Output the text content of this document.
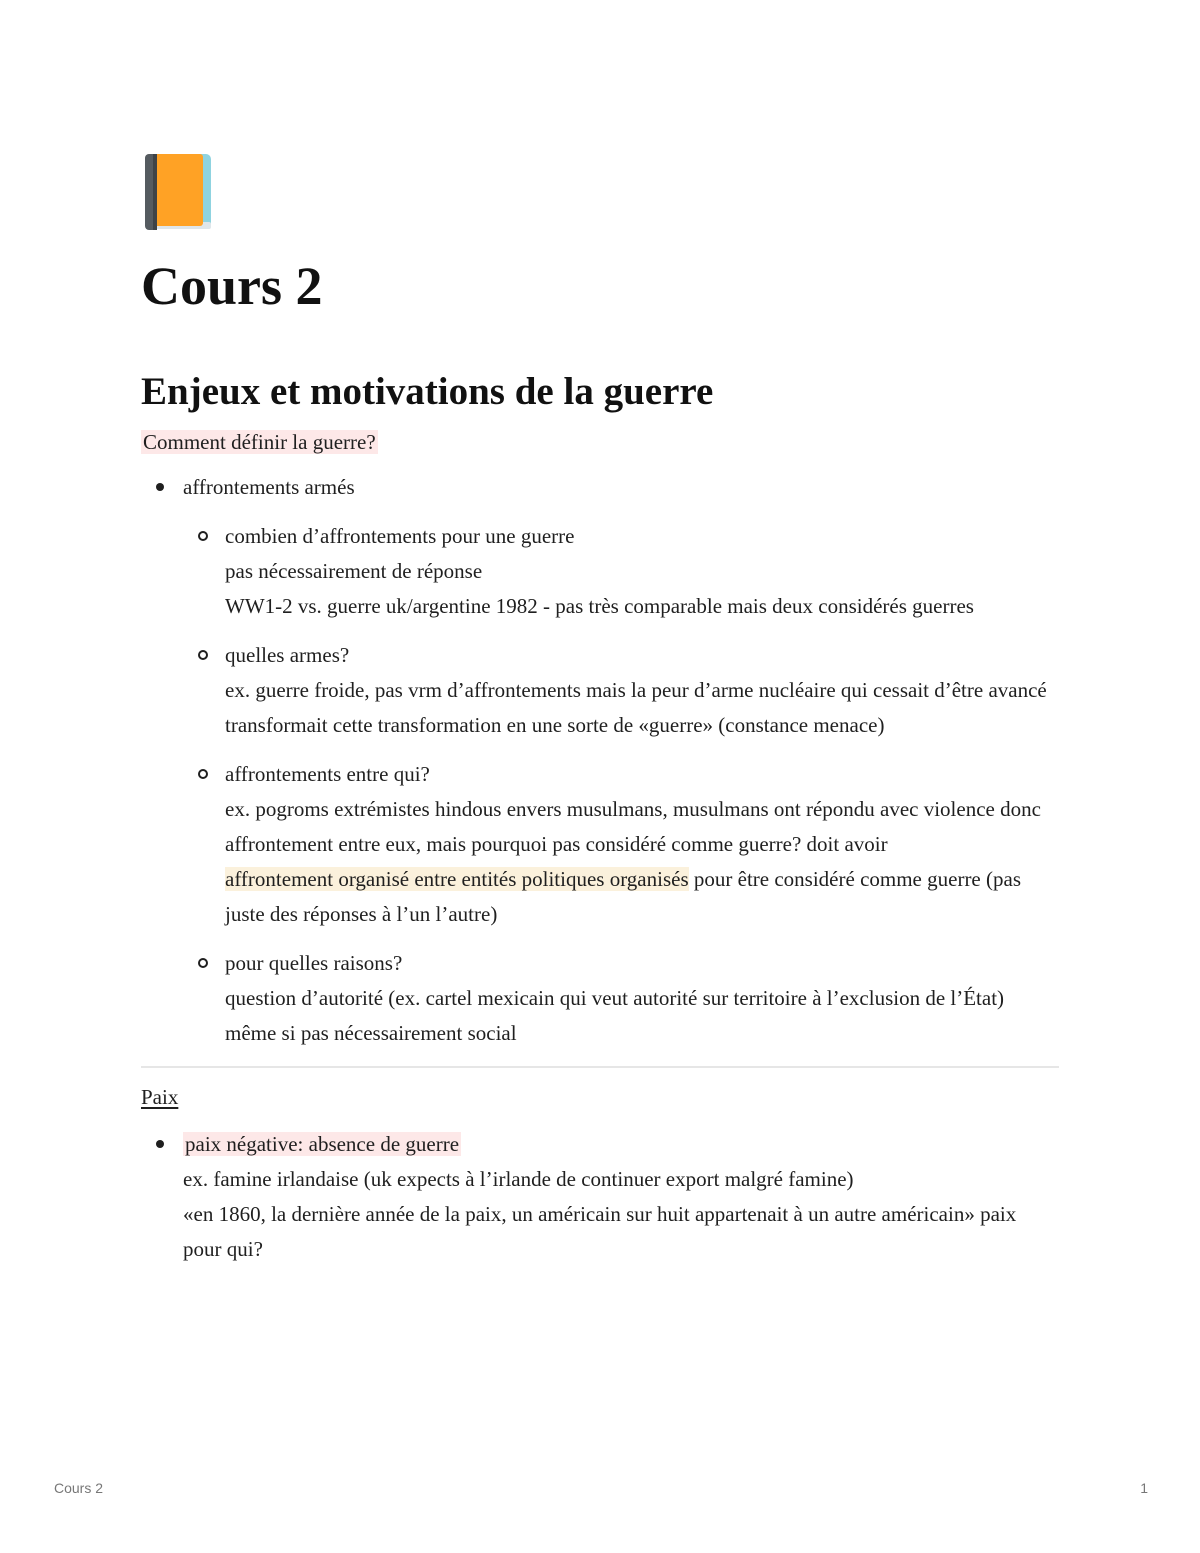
Cours 2
Enjeux et motivations de la guerre
Comment définir la guerre?
affrontements armés
combien d’affrontements pour une guerre
pas nécessairement de réponse
WW1-2 vs. guerre uk/argentine 1982 - pas très comparable mais deux considérés guerres
quelles armes?
ex. guerre froide, pas vrm d’affrontements mais la peur d’arme nucléaire qui cessait d’être avancé transformait cette transformation en une sorte de «guerre» (constance menace)
affrontements entre qui?
ex. pogroms extrémistes hindous envers musulmans, musulmans ont répondu avec violence donc affrontement entre eux, mais pourquoi pas considéré comme guerre? doit avoir
affrontement organisé entre entités politiques organisés pour être considéré comme guerre (pas juste des réponses à l’un l’autre)
pour quelles raisons?
question d’autorité (ex. cartel mexicain qui veut autorité sur territoire à l’exclusion de l’État) même si pas nécessairement social
Paix
paix négative: absence de guerre
ex. famine irlandaise (uk expects à l’irlande de continuer export malgré famine)
«en 1860, la dernière année de la paix, un américain sur huit appartenait à un autre américain» paix pour qui?
Cours 2	1
